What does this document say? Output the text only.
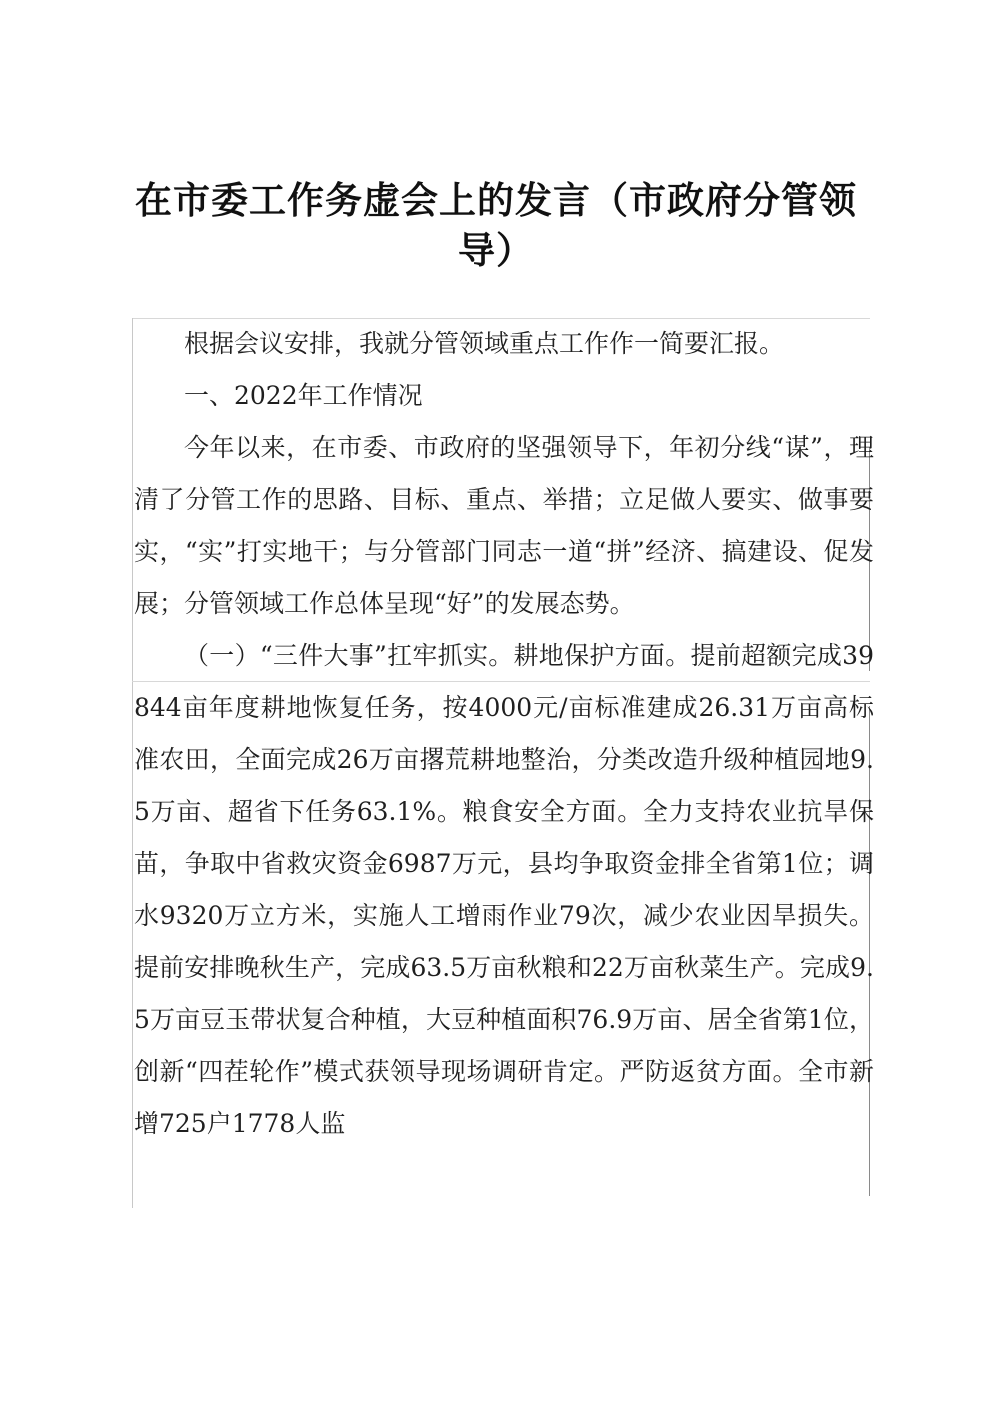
在市委工作务虚会上的发言（市政府分管领导）

根据会议安排，我就分管领域重点工作作一简要汇报。

一、2022年工作情况

今年以来，在市委、市政府的坚强领导下，年初分线“谋”，理清了分管工作的思路、目标、重点、举措；立足做人要实、做事要实，“实”打实地干；与分管部门同志一道“拼”经济、搞建设、促发展；分管领域工作总体呈现“好”的发展态势。

（一）“三件大事”扛牢抓实。耕地保护方面。提前超额完成39844亩年度耕地恢复任务，按4000元/亩标准建成26.31万亩高标准农田，全面完成26万亩撂荒耕地整治，分类改造升级种植园地9.5万亩、超省下任务63.1%。粮食安全方面。全力支持农业抗旱保苗，争取中省救灾资金6987万元，县均争取资金排全省第1位；调水9320万立方米，实施人工增雨作业79次，减少农业因旱损失。提前安排晚秋生产，完成63.5万亩秋粮和22万亩秋菜生产。完成9.5万亩豆玉带状复合种植，大豆种植面积76.9万亩、居全省第1位，创新“四茬轮作”模式获领导现场调研肯定。严防返贫方面。全市新增725户1778人监
